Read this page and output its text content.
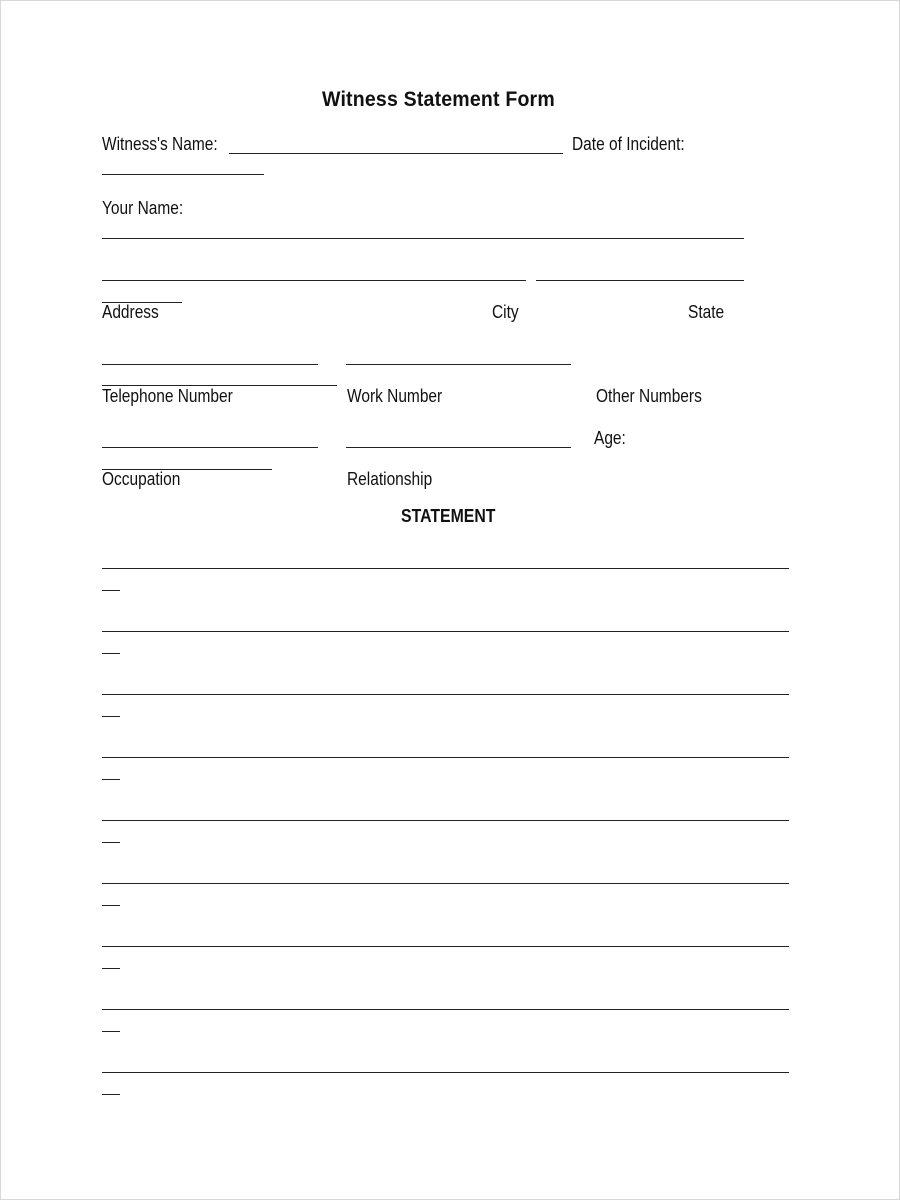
Witness Statement Form
Witness's Name:	Date of Incident:
Your Name:
Address	City	State
Telephone Number	Work Number	Other Numbers
Age:
Occupation	Relationship
STATEMENT
